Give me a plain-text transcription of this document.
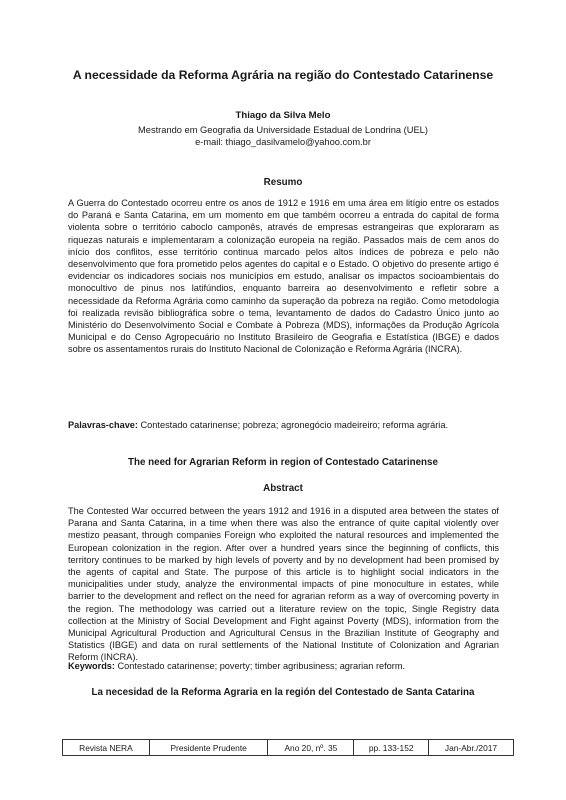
A necessidade da Reforma Agrária na região do Contestado Catarinense

Thiago da Silva Melo

Mestrando em Geografia da Universidade Estadual de Londrina (UEL)
e-mail: thiago_dasilvamelo@yahoo.com.br
Resumo

A Guerra do Contestado ocorreu entre os anos de 1912 e 1916 em uma área em litígio entre os estados do Paraná e Santa Catarina, em um momento em que também ocorreu a entrada do capital de forma violenta sobre o território caboclo camponês, através de empresas estrangeiras que exploraram as riquezas naturais e implementaram a colonização europeia na região. Passados mais de cem anos do início dos conflitos, esse território continua marcado pelos altos índices de pobreza e pelo não desenvolvimento que fora prometido pelos agentes do capital e o Estado. O objetivo do presente artigo é evidenciar os indicadores sociais nos municípios em estudo, analisar os impactos socioambientais do monocultivo de pinus nos latifúndios, enquanto barreira ao desenvolvimento e refletir sobre a necessidade da Reforma Agrária como caminho da superação da pobreza na região. Como metodologia foi realizada revisão bibliográfica sobre o tema, levantamento de dados do Cadastro Único junto ao Ministério do Desenvolvimento Social e Combate à Pobreza (MDS), informações da Produção Agrícola Municipal e do Censo Agropecuário no Instituto Brasileiro de Geografia e Estatística (IBGE) e dados sobre os assentamentos rurais do Instituto Nacional de Colonização e Reforma Agrária (INCRA).

Palavras-chave: Contestado catarinense; pobreza; agronegócio madeireiro; reforma agrária.

The need for Agrarian Reform in region of Contestado Catarinense
Abstract

The Contested War occurred between the years 1912 and 1916 in a disputed area between the states of Parana and Santa Catarina, in a time when there was also the entrance of quite capital violently over mestizo peasant, through companies Foreign who exploited the natural resources and implemented the European colonization in the region. After over a hundred years since the beginning of conflicts, this territory continues to be marked by high levels of poverty and by no development had been promised by the agents of capital and State. The purpose of this article is to highlight social indicators in the municipalities under study, analyze the environmental impacts of pine monoculture in estates, while barrier to the development and reflect on the need for agrarian reform as a way of overcoming poverty in the region. The methodology was carried out a literature review on the topic, Single Registry data collection at the Ministry of Social Development and Fight against Poverty (MDS), information from the Municipal Agricultural Production and Agricultural Census in the Brazilian Institute of Geography and Statistics (IBGE) and data on rural settlements of the National Institute of Colonization and Agrarian Reform (INCRA).

Keywords: Contestado catarinense; poverty; timber agribusiness; agrarian reform.

La necesidad de la Reforma Agraria en la región del Contestado de Santa Catarina
Revista NERA	Presidente Prudente	Ano 20, nº. 35	pp. 133-152	Jan-Abr./2017
